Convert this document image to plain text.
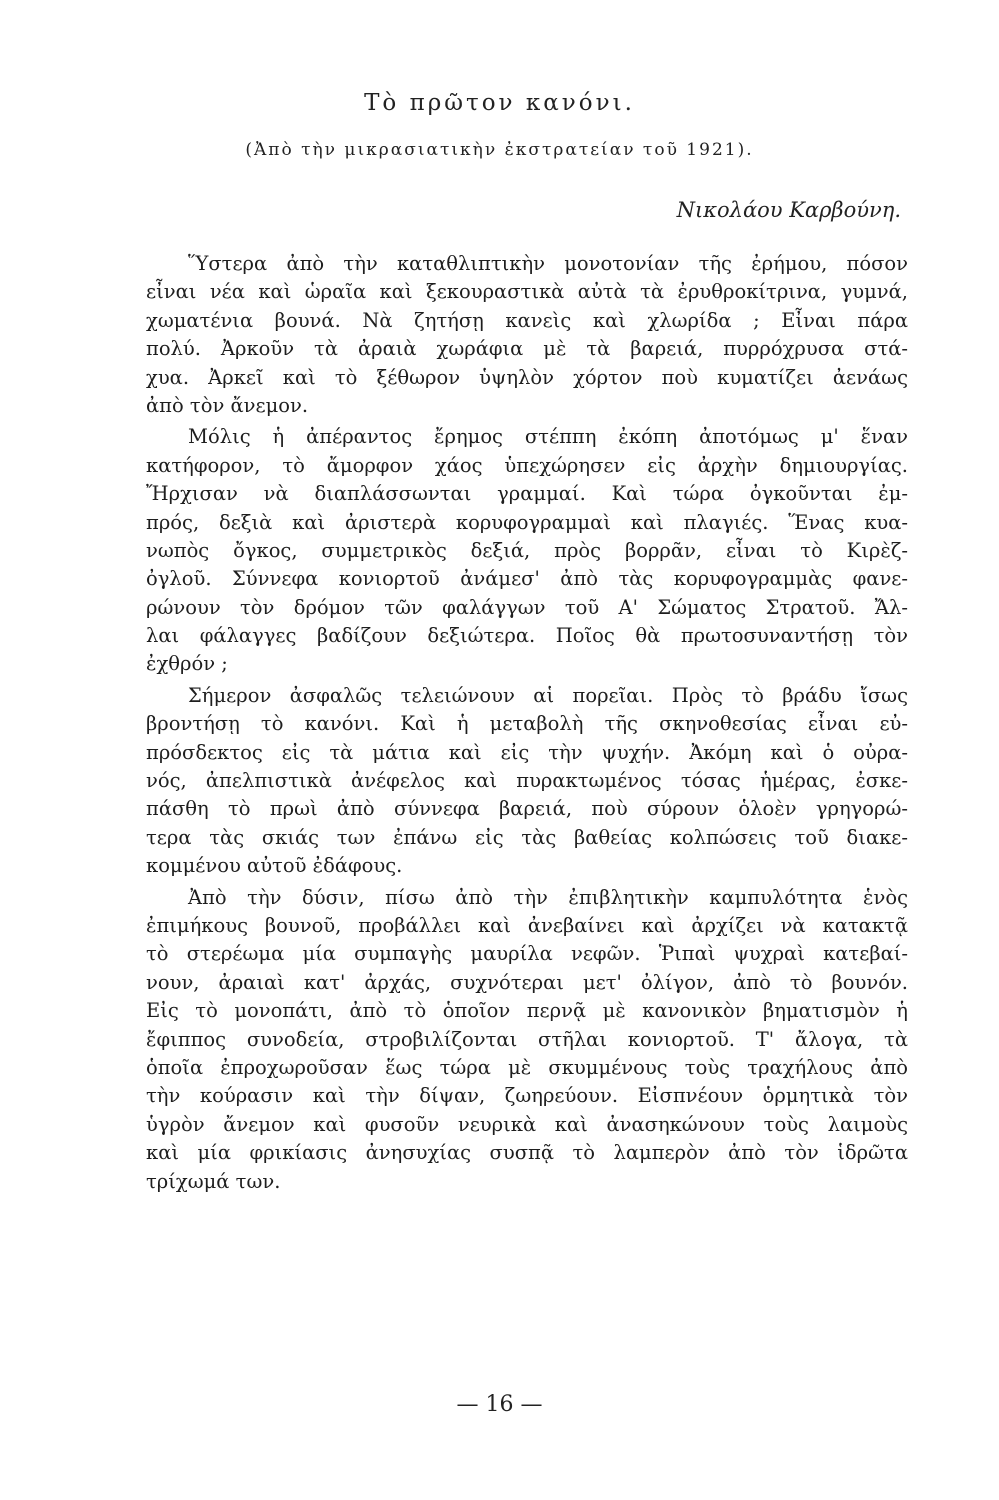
Τὸ πρῶτον κανόνι.
(Ἀπὸ τὴν μικρασιατικὴν ἐκστρατείαν τοῦ 1921).
Νικολάου Καρβούνη.
Ὕστερα ἀπὸ τὴν καταθλιπτικὴν μονοτονίαν τῆς ἐρήμου, πόσον
εἶναι νέα καὶ ὡραῖα καὶ ξεκουραστικὰ αὐτὰ τὰ ἐρυθροκίτρινα, γυμνά,
χωματένια βουνά. Νὰ ζητήσῃ κανεὶς καὶ χλωρίδα ; Εἶναι πάρα
πολύ. Ἀρκοῦν τὰ ἀραιὰ χωράφια μὲ τὰ βαρειά, πυρρόχρυσα στά-
χυα. Ἀρκεῖ καὶ τὸ ξέθωρον ὑψηλὸν χόρτον ποὺ κυματίζει ἀενάως
ἀπὸ τὸν ἄνεμον.
Μόλις ἡ ἀπέραντος ἔρημος στέππη ἐκόπη ἀποτόμως μ' ἕναν
κατήφορον, τὸ ἄμορφον χάος ὑπεχώρησεν εἰς ἀρχὴν δημιουργίας.
Ἤρχισαν νὰ διαπλάσσωνται γραμμαί. Καὶ τώρα ὀγκοῦνται ἐμ-
πρός, δεξιὰ καὶ ἀριστερὰ κορυφογραμμαὶ καὶ πλαγιές. Ἕνας κυα-
νωπὸς ὄγκος, συμμετρικὸς δεξιά, πρὸς βορρᾶν, εἶναι τὸ Κιρὲζ-
ὀγλοῦ. Σύννεφα κονιορτοῦ ἀνάμεσ' ἀπὸ τὰς κορυφογραμμὰς φανε-
ρώνουν τὸν δρόμον τῶν φαλάγγων τοῦ Α' Σώματος Στρατοῦ. Ἄλ-
λαι φάλαγγες βαδίζουν δεξιώτερα. Ποῖος θὰ πρωτοσυναντήσῃ τὸν
ἐχθρόν ;
Σήμερον ἀσφαλῶς τελειώνουν αἱ πορεῖαι. Πρὸς τὸ βράδυ ἴσως
βροντήσῃ τὸ κανόνι. Καὶ ἡ μεταβολὴ τῆς σκηνοθεσίας εἶναι εὐ-
πρόσδεκτος εἰς τὰ μάτια καὶ εἰς τὴν ψυχήν. Ἀκόμη καὶ ὁ οὐρα-
νός, ἀπελπιστικὰ ἀνέφελος καὶ πυρακτωμένος τόσας ἡμέρας, ἐσκε-
πάσθη τὸ πρωὶ ἀπὸ σύννεφα βαρειά, ποὺ σύρουν ὁλοὲν γρηγορώ-
τερα τὰς σκιάς των ἐπάνω εἰς τὰς βαθείας κολπώσεις τοῦ διακε-
κομμένου αὐτοῦ ἐδάφους.
Ἀπὸ τὴν δύσιν, πίσω ἀπὸ τὴν ἐπιβλητικὴν καμπυλότητα ἑνὸς
ἐπιμήκους βουνοῦ, προβάλλει καὶ ἀνεβαίνει καὶ ἀρχίζει νὰ κατακτᾷ
τὸ στερέωμα μία συμπαγὴς μαυρίλα νεφῶν. Ῥιπαὶ ψυχραὶ κατεβαί-
νουν, ἀραιαὶ κατ' ἀρχάς, συχνότεραι μετ' ὀλίγον, ἀπὸ τὸ βουνόν.
Εἰς τὸ μονοπάτι, ἀπὸ τὸ ὁποῖον περνᾷ μὲ κανονικὸν βηματισμὸν ἡ
ἔφιππος συνοδεία, στροβιλίζονται στῆλαι κονιορτοῦ. Τ' ἄλογα, τὰ
ὁποῖα ἐπροχωροῦσαν ἕως τώρα μὲ σκυμμένους τοὺς τραχήλους ἀπὸ
τὴν κούρασιν καὶ τὴν δίψαν, ζωηρεύουν. Εἰσπνέουν ὁρμητικὰ τὸν
ὑγρὸν ἄνεμον καὶ φυσοῦν νευρικὰ καὶ ἀνασηκώνουν τοὺς λαιμοὺς
καὶ μία φρικίασις ἀνησυχίας συσπᾷ τὸ λαμπερὸν ἀπὸ τὸν ἱδρῶτα
τρίχωμά των.
— 16 —
